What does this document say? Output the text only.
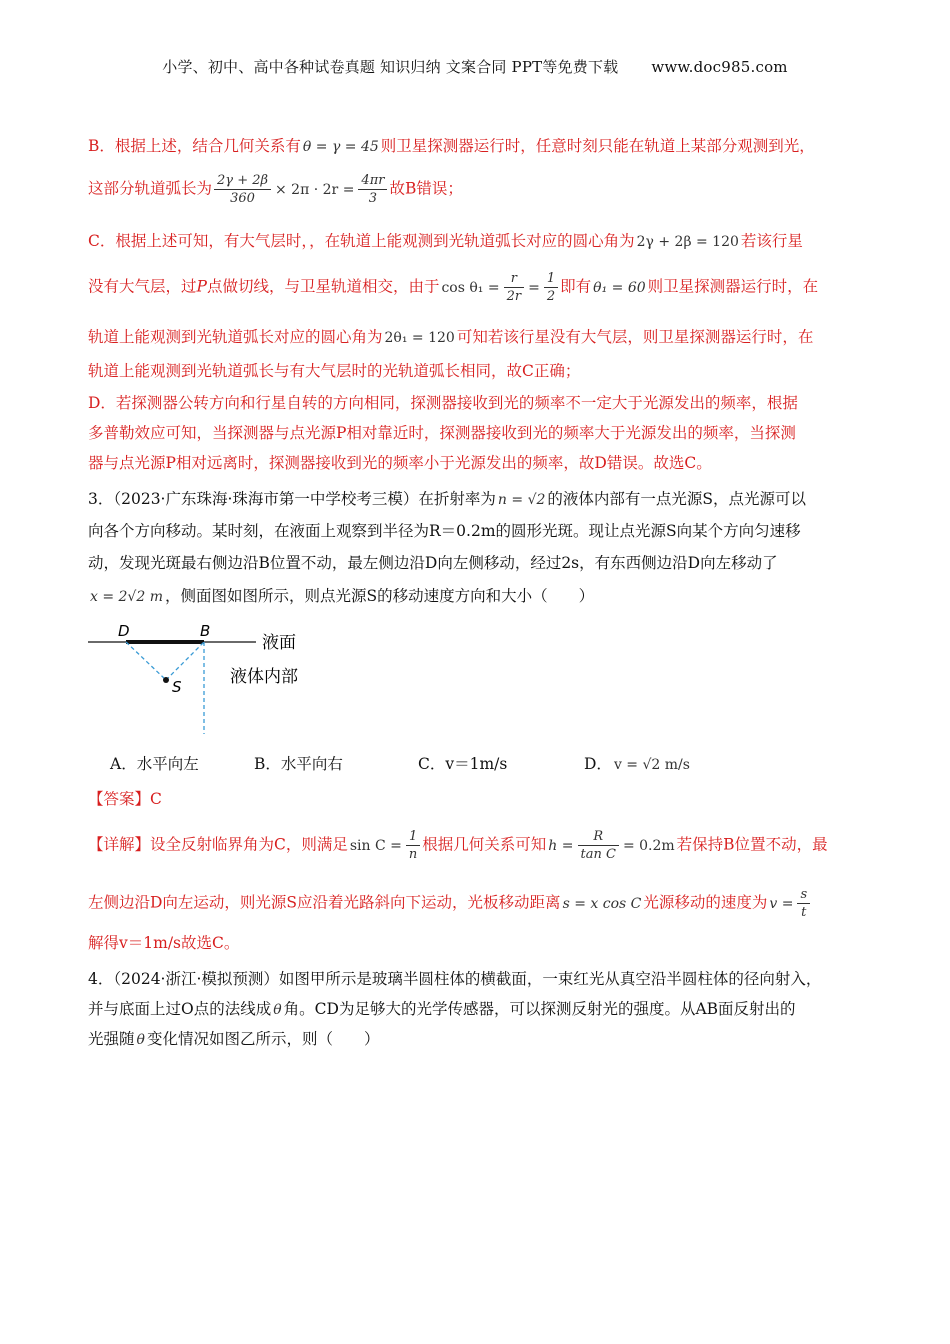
小学、初中、高中各种试卷真题 知识归纳 文案合同 PPT等免费下载 www.doc985.com
B．根据上述，结合几何关系有 θ = γ = 45 则卫星探测器运行时，任意时刻只能在轨道上某部分观测到光，
这部分轨道弧长为 $\frac{2\gamma + 2\beta}{360} \times 2\pi \cdot 2r = \frac{4\pi r}{3}$ 故B错误；
C．根据上述可知，有大气层时，，在轨道上能观测到光轨道弧长对应的圆心角为 2γ + 2β = 120 若该行星
没有大气层，过P点做切线，与卫星轨道相交，由于 $\cos \theta_1 = \frac{r}{2r} = \frac{1}{2}$ 即有 θ₁ = 60 则卫星探测器运行时，在
轨道上能观测到光轨道弧长对应的圆心角为 2θ₁ = 120 可知若该行星没有大气层，则卫星探测器运行时，在
轨道上能观测到光轨道弧长与有大气层时的光轨道弧长相同，故C正确；
D．若探测器公转方向和行星自转的方向相同，探测器接收到光的频率不一定大于光源发出的频率，根据
多普勒效应可知，当探测器与点光源P相对靠近时，探测器接收到光的频率大于光源发出的频率，当探测
器与点光源P相对远离时，探测器接收到光的频率小于光源发出的频率，故D错误。故选C。
3．（2023·广东珠海·珠海市第一中学校考三模）在折射率为 n = √2 的液体内部有一点光源S，点光源可以
向各个方向移动。某时刻，在液面上观察到半径为R＝0.2m的圆形光斑。现让点光源S向某个方向匀速移
动，发现光斑最右侧边沿B位置不动，最左侧边沿D向左侧移动，经过2s，有东西侧边沿D向左移动了
x = 2√2 m ，侧面图如图所示，则点光源S的移动速度方向和大小（　　）
D	B
S
液面
液体内部
A．水平向左	B．水平向右	C．v＝1m/s	D． v = √2 m/s
【答案】C
【详解】设全反射临界角为C，则满足 $\sin C = \frac{1}{n}$ 根据几何关系可知 $h = \frac{R}{\text{tan C}} = 0.2m$ 若保持B位置不动，最
左侧边沿D向左运动，则光源S应沿着光路斜向下运动，光板移动距离 s = x cos C 光源移动的速度为 $v = \frac{s}{t}$
解得v＝1m/s故选C。
4．（2024·浙江·模拟预测）如图甲所示是玻璃半圆柱体的横截面，一束红光从真空沿半圆柱体的径向射入，
并与底面上过O点的法线成 θ 角。CD为足够大的光学传感器，可以探测反射光的强度。从AB面反射出的
光强随 θ 变化情况如图乙所示，则（　　）
